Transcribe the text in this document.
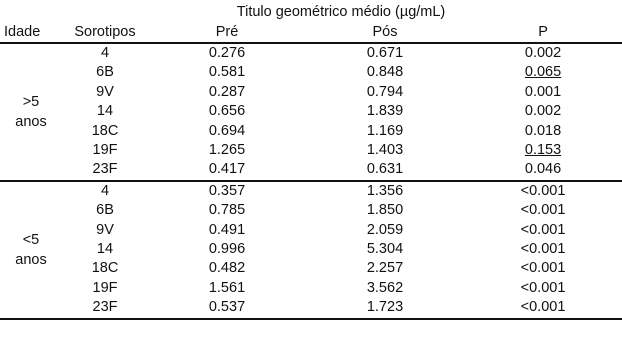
Titulo geométrico médio (µg/mL)				
Idade	Sorotipos	Pré	Pós	P

>5
anos	4	0.276	0.671	0.002
	6B	0.581	0.848	0.065
	9V	0.287	0.794	0.001
	14	0.656	1.839	0.002
	18C	0.694	1.169	0.018
	19F	1.265	1.403	0.153
	23F	0.417	0.631	0.046

<5
anos	4	0.357	1.356	<0.001
	6B	0.785	1.850	<0.001
	9V	0.491	2.059	<0.001
	14	0.996	5.304	<0.001
	18C	0.482	2.257	<0.001
	19F	1.561	3.562	<0.001
	23F	0.537	1.723	<0.001
